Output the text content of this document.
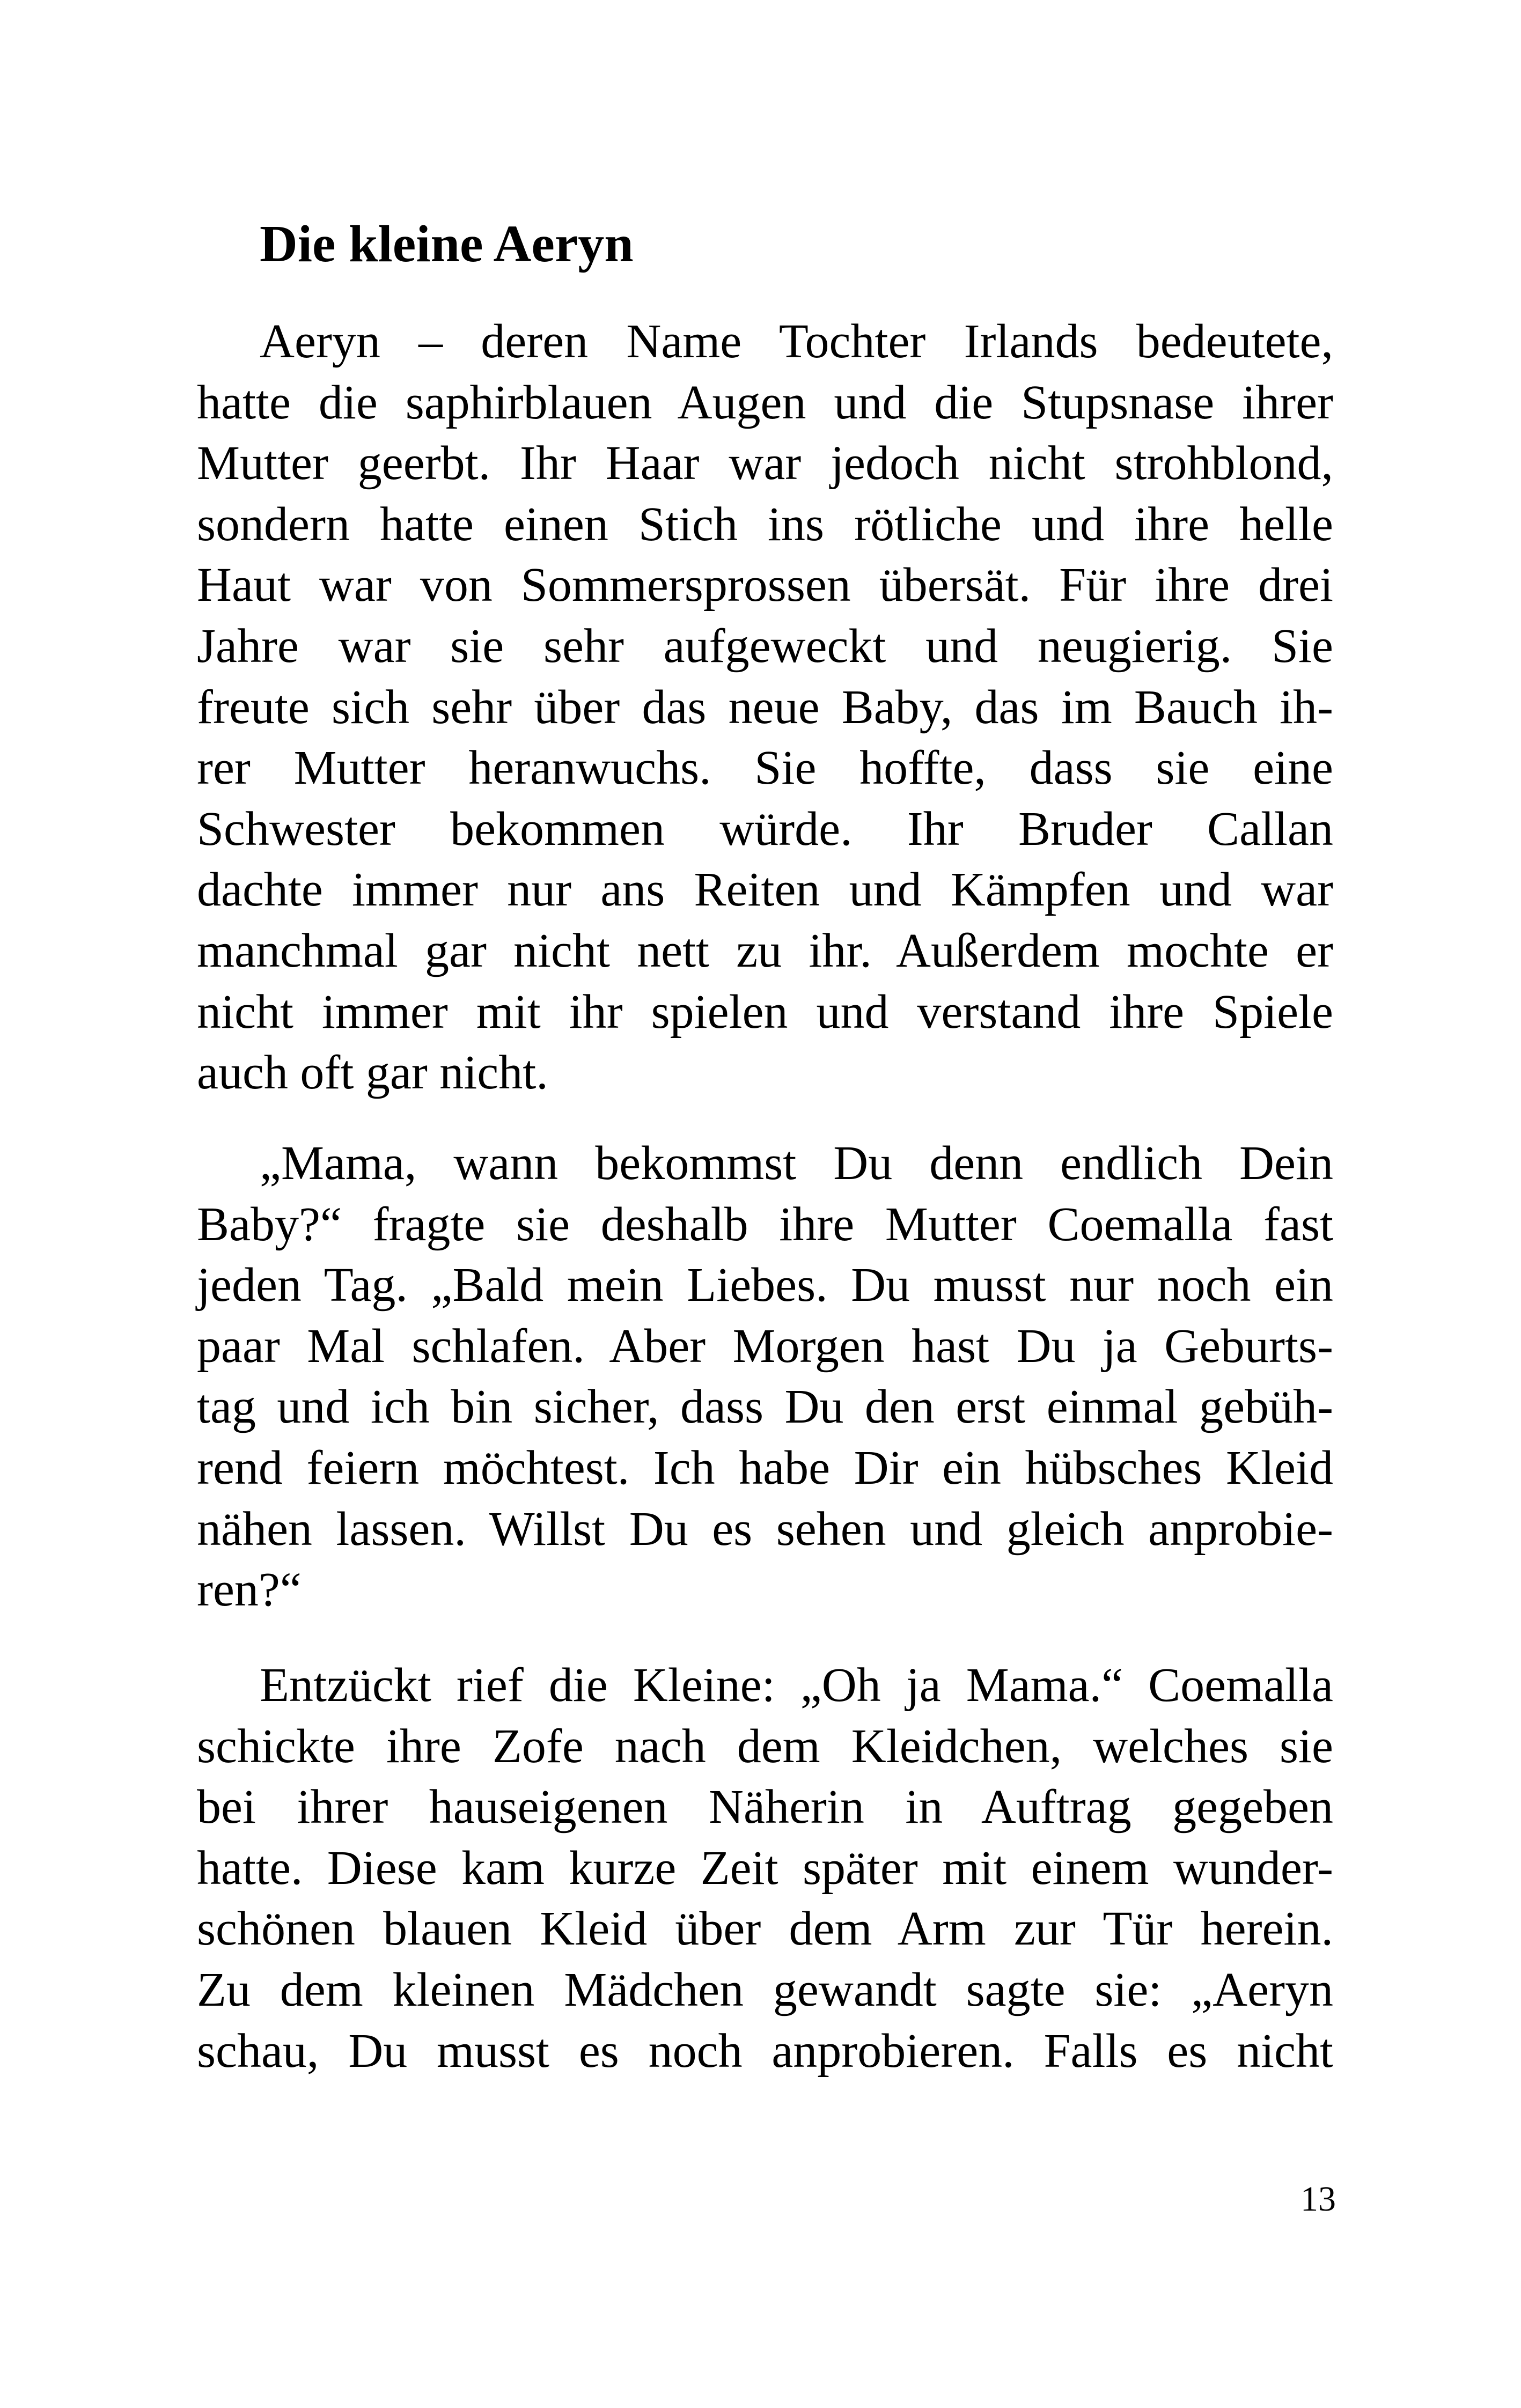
Die kleine Aeryn
Aeryn – deren Name Tochter Irlands bedeutete,
hatte die saphirblauen Augen und die Stupsnase ihrer
Mutter geerbt. Ihr Haar war jedoch nicht strohblond,
sondern hatte einen Stich ins rötliche und ihre helle
Haut war von Sommersprossen übersät. Für ihre drei
Jahre war sie sehr aufgeweckt und neugierig. Sie
freute sich sehr über das neue Baby, das im Bauch ih-
rer Mutter heranwuchs. Sie hoffte, dass sie eine
Schwester bekommen würde. Ihr Bruder Callan
dachte immer nur ans Reiten und Kämpfen und war
manchmal gar nicht nett zu ihr. Außerdem mochte er
nicht immer mit ihr spielen und verstand ihre Spiele
auch oft gar nicht.
„Mama, wann bekommst Du denn endlich Dein
Baby?“ fragte sie deshalb ihre Mutter Coemalla fast
jeden Tag. „Bald mein Liebes. Du musst nur noch ein
paar Mal schlafen. Aber Morgen hast Du ja Geburts-
tag und ich bin sicher, dass Du den erst einmal gebüh-
rend feiern möchtest. Ich habe Dir ein hübsches Kleid
nähen lassen. Willst Du es sehen und gleich anprobie-
ren?“
Entzückt rief die Kleine: „Oh ja Mama.“ Coemalla
schickte ihre Zofe nach dem Kleidchen, welches sie
bei ihrer hauseigenen Näherin in Auftrag gegeben
hatte. Diese kam kurze Zeit später mit einem wunder-
schönen blauen Kleid über dem Arm zur Tür herein.
Zu dem kleinen Mädchen gewandt sagte sie: „Aeryn
schau, Du musst es noch anprobieren. Falls es nicht

13
